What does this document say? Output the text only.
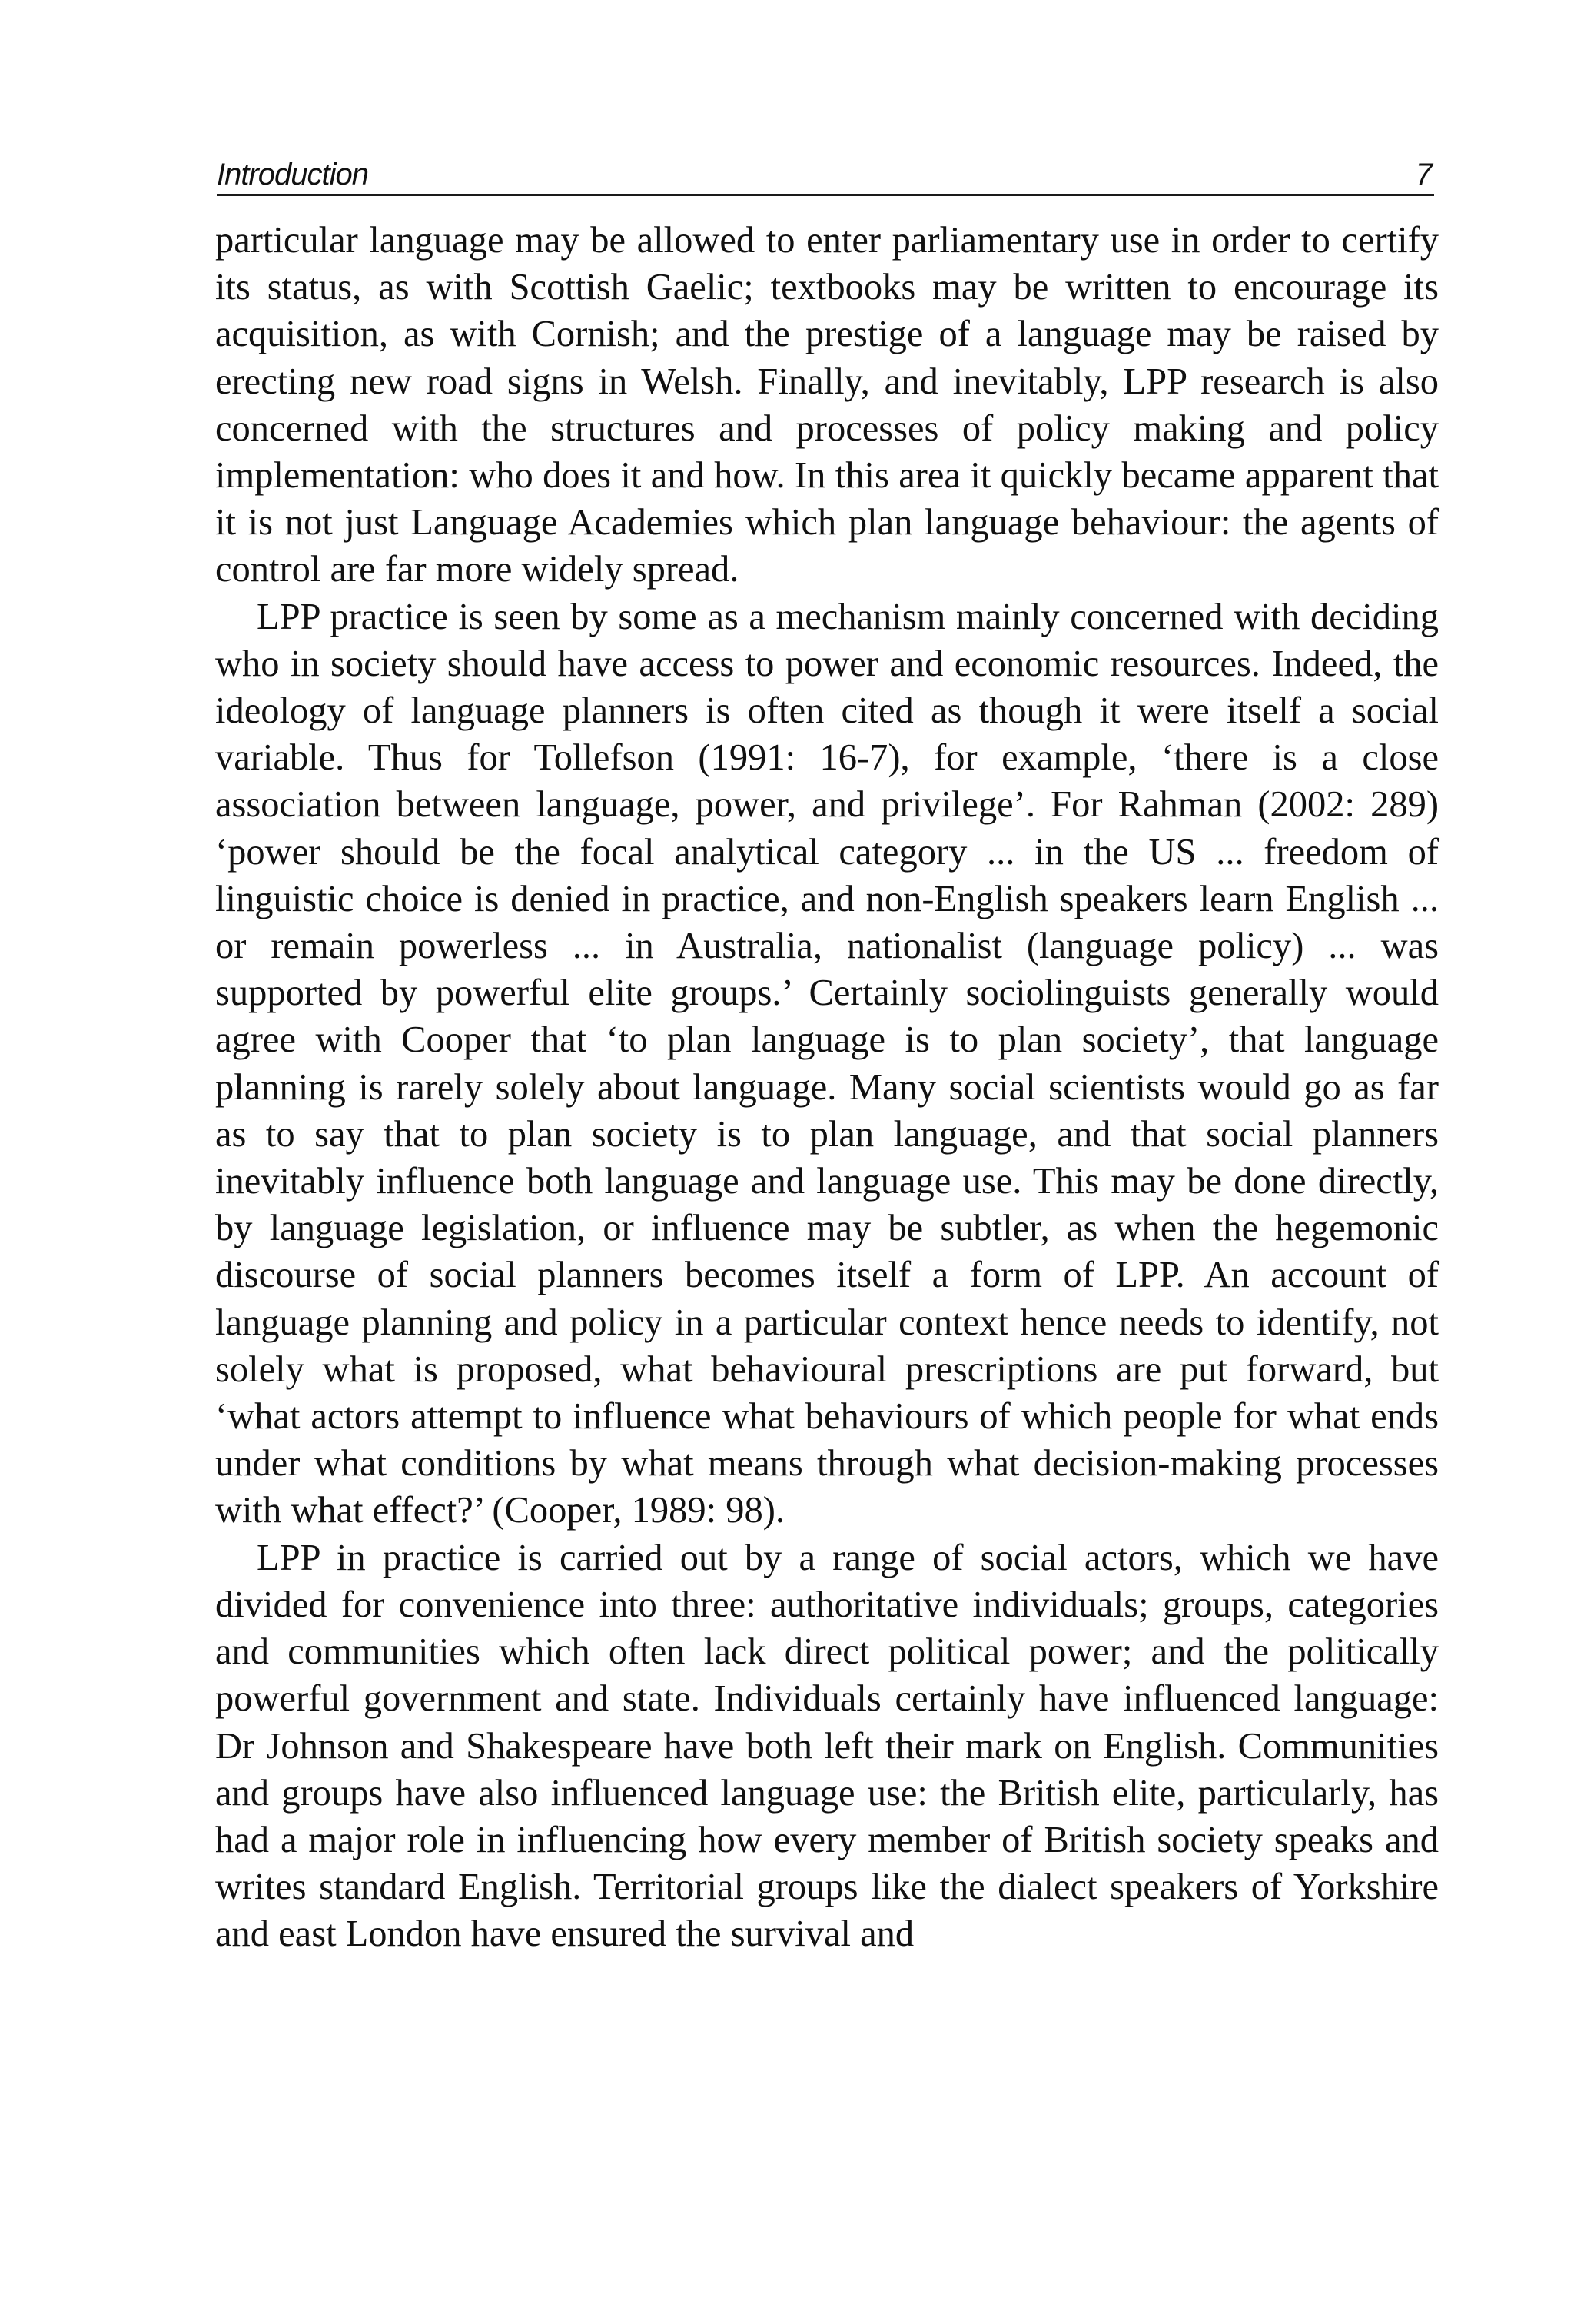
Introduction	7

particular language may be allowed to enter parliamentary use in order to certify its status, as with Scottish Gaelic; textbooks may be written to encourage its acquisition, as with Cornish; and the prestige of a language may be raised by erecting new road signs in Welsh. Finally, and inevitably, LPP research is also concerned with the structures and processes of policy making and policy implementation: who does it and how. In this area it quickly became apparent that it is not just Language Academies which plan language behaviour: the agents of control are far more widely spread.

LPP practice is seen by some as a mechanism mainly concerned with deciding who in society should have access to power and economic resources. Indeed, the ideology of language planners is often cited as though it were itself a social variable. Thus for Tollefson (1991: 16-7), for example, ‘there is a close association between language, power, and privilege’. For Rahman (2002: 289) ‘power should be the focal analytical category ... in the US ... freedom of linguistic choice is denied in practice, and non-English speakers learn English ... or remain powerless ... in Australia, nationalist (language policy) ... was supported by powerful elite groups.’ Certainly sociolinguists generally would agree with Cooper that ‘to plan language is to plan society’, that language planning is rarely solely about language. Many social scientists would go as far as to say that to plan society is to plan language, and that social planners inevitably influence both language and language use. This may be done directly, by language legislation, or influence may be subtler, as when the hegemonic discourse of social planners becomes itself a form of LPP. An account of language planning and policy in a particular context hence needs to identify, not solely what is proposed, what behavioural prescriptions are put forward, but ‘what actors attempt to influence what behaviours of which people for what ends under what conditions by what means through what decision-making processes with what effect?’ (Cooper, 1989: 98).

LPP in practice is carried out by a range of social actors, which we have divided for convenience into three: authoritative individuals; groups, categories and communities which often lack direct political power; and the politically powerful government and state. Individuals certainly have influenced language: Dr Johnson and Shakespeare have both left their mark on English. Communities and groups have also influenced language use: the British elite, particularly, has had a major role in influencing how every member of British society speaks and writes standard English. Territorial groups like the dialect speakers of Yorkshire and east London have ensured the survival and
